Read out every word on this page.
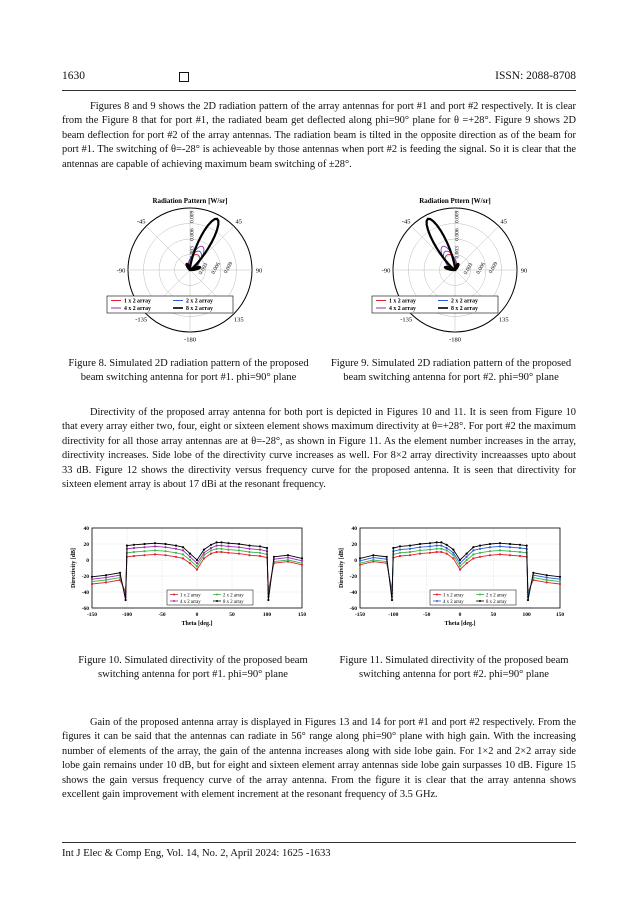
1630	ISSN: 2088-8708

Figures 8 and 9 shows the 2D radiation pattern of the array antennas for port #1 and port #2 respectively. It is clear from the Figure 8 that for port #1, the radiated beam get deflected along phi=90° plane for θ =+28°. Figure 9 shows 2D beam deflection for port #2 of the array antennas. The radiation beam is tilted in the opposite direction as of the beam for port #1. The switching of θ=-28° is achieveable by those antennas when port #2 is feeding the signal. So it is clear that the antennas are capable of achieving maximum beam switching of ±28°.

Radiation Pattern [W/sr]
-45	45
-90	90
-135	135
-180
0.003
0.003
0.006
0.006
0.009
0.009
1 x 2 array	2 x 2 array
4 x 2 array	8 x 2 array
Figure 8. Simulated 2D radiation pattern of the proposed beam switching antenna for port #1. phi=90° plane
Radiation Pttern [W/sr]
-45	45
-90	90
-135	135
-180
0.003
0.003
0.006
0.006
0.009
0.009
1 x 2 array	2 x 2 array
4 x 2 array	8 x 2 array
Figure 9. Simulated 2D radiation pattern of the proposed beam switching antenna for port #2. phi=90° plane

Directivity of the proposed array antenna for both port is depicted in Figures 10 and 11. It is seen from Figure 10 that every array either two, four, eight or sixteen element shows maximum directivity at θ=+28°. For port #2 the maximum directivity for all those array antennas are at θ=-28°, as shown in Figure 11. As the element number increases in the array, directivity increases. Side lobe of the directivity curve increases as well. For 8×2 array directivity increaasses upto about 33 dB. Figure 12 shows the directivity versus frequency curve for the proposed antenna. It is seen that directivity for sixteen element array is about 17 dBi at the resonant frequency.

-60
-40
-20
0
20
40
-150	-100	-50	0	50	100	150
Theta [deg.]
Directivity [dB]
1 x 2 array	2 x 2 array
4 x 2 array	8 x 2 array
Figure 10. Simulated directivity of the proposed beam switching antenna for port #1. phi=90° plane
-60
-40
-20
0
20
40
-150	-100	-50	0	50	100	150
Theta [deg.]
Directivity [dB]
1 x 2 array	2 x 2 array
4 x 2 array	8 x 2 array
Figure 11. Simulated directivity of the proposed beam switching antenna for port #2. phi=90° plane

Gain of the proposed antenna array is displayed in Figures 13 and 14 for port #1 and port #2 respectively. From the figures it can be said that the antennas can radiate in 56° range along phi=90° plane with high gain. With the increasing number of elements of the array, the gain of the antenna increases along with side lobe gain. For 1×2 and 2×2 array side lobe gain remains under 10 dB, but for eight and sixteen element array antennas side lobe gain surpasses 10 dB. Figure 15 shows the gain versus frequency curve of the array antenna. From the figure it is clear that the array antenna shows excellent gain improvement with element increment at the resonant frequency of 3.5 GHz.

Int J Elec & Comp Eng, Vol. 14, No. 2, April 2024: 1625 -1633
